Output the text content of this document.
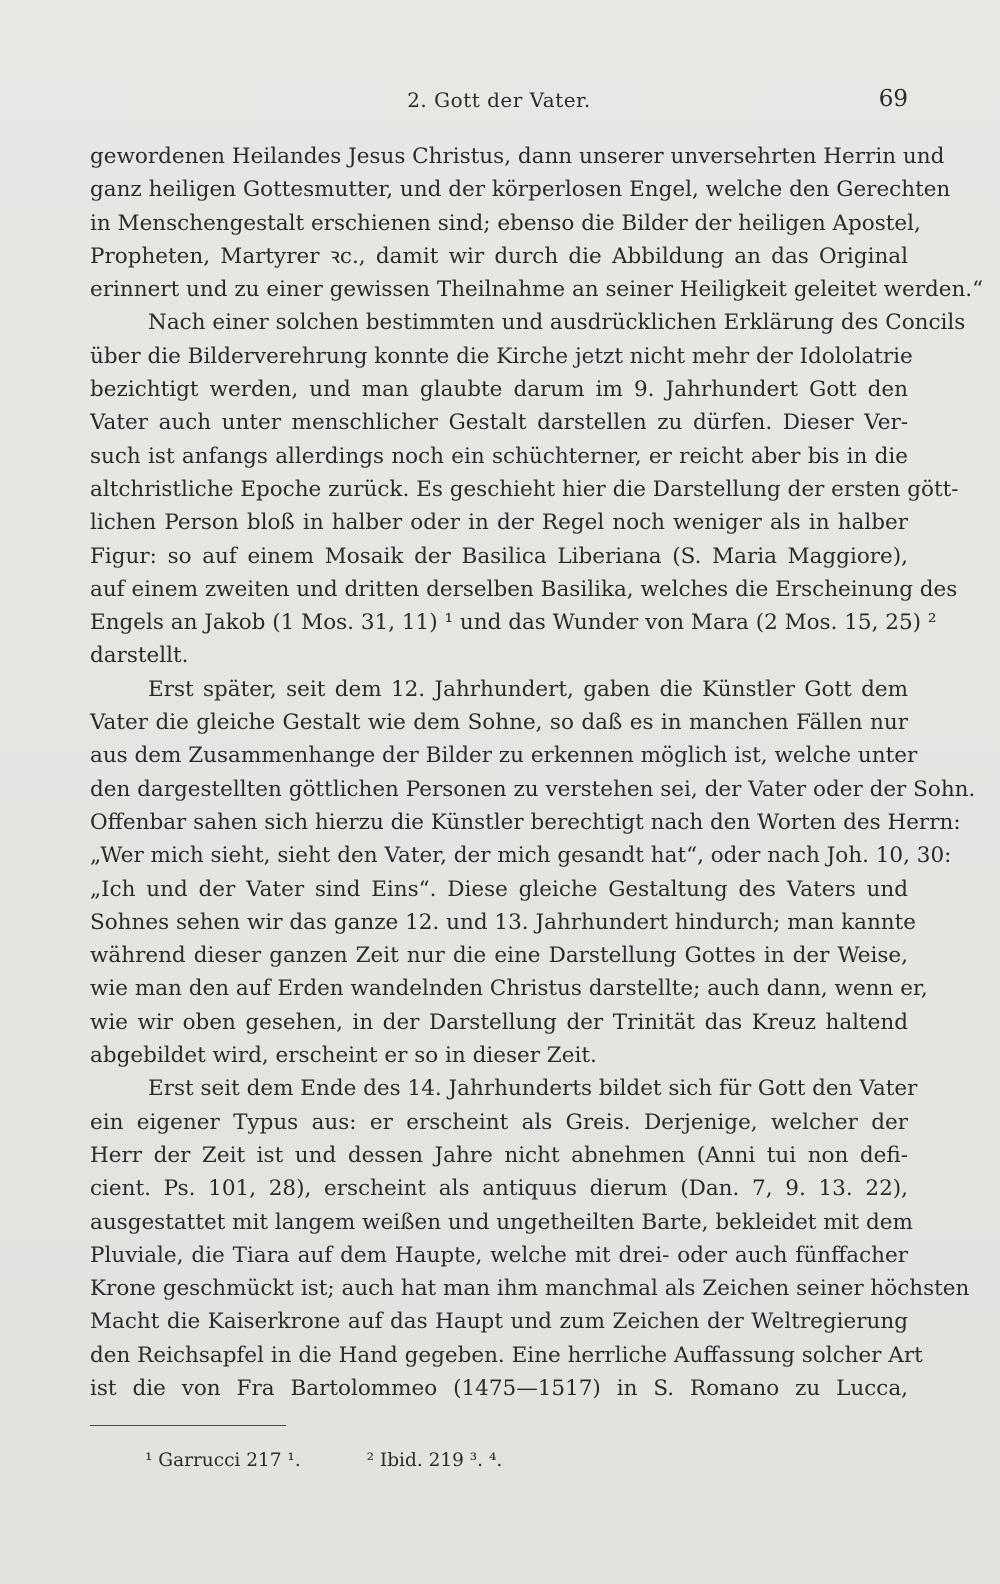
2. Gott der Vater.	69
gewordenen Heilandes Jesus Christus, dann unserer unversehrten Herrin und
ganz heiligen Gottesmutter, und der körperlosen Engel, welche den Gerechten
in Menschengestalt erschienen sind; ebenso die Bilder der heiligen Apostel,
Propheten, Martyrer ꝛc., damit wir durch die Abbildung an das Original
erinnert und zu einer gewissen Theilnahme an seiner Heiligkeit geleitet werden.“
Nach einer solchen bestimmten und ausdrücklichen Erklärung des Concils
über die Bilderverehrung konnte die Kirche jetzt nicht mehr der Idololatrie
bezichtigt werden, und man glaubte darum im 9. Jahrhundert Gott den
Vater auch unter menschlicher Gestalt darstellen zu dürfen. Dieser Ver-
such ist anfangs allerdings noch ein schüchterner, er reicht aber bis in die
altchristliche Epoche zurück. Es geschieht hier die Darstellung der ersten gött-
lichen Person bloß in halber oder in der Regel noch weniger als in halber
Figur: so auf einem Mosaik der Basilica Liberiana (S. Maria Maggiore),
auf einem zweiten und dritten derselben Basilika, welches die Erscheinung des
Engels an Jakob (1 Mos. 31, 11) ¹ und das Wunder von Mara (2 Mos. 15, 25) ²
darstellt.
Erst später, seit dem 12. Jahrhundert, gaben die Künstler Gott dem
Vater die gleiche Gestalt wie dem Sohne, so daß es in manchen Fällen nur
aus dem Zusammenhange der Bilder zu erkennen möglich ist, welche unter
den dargestellten göttlichen Personen zu verstehen sei, der Vater oder der Sohn.
Offenbar sahen sich hierzu die Künstler berechtigt nach den Worten des Herrn:
„Wer mich sieht, sieht den Vater, der mich gesandt hat“, oder nach Joh. 10, 30:
„Ich und der Vater sind Eins“. Diese gleiche Gestaltung des Vaters und
Sohnes sehen wir das ganze 12. und 13. Jahrhundert hindurch; man kannte
während dieser ganzen Zeit nur die eine Darstellung Gottes in der Weise,
wie man den auf Erden wandelnden Christus darstellte; auch dann, wenn er,
wie wir oben gesehen, in der Darstellung der Trinität das Kreuz haltend
abgebildet wird, erscheint er so in dieser Zeit.
Erst seit dem Ende des 14. Jahrhunderts bildet sich für Gott den Vater
ein eigener Typus aus: er erscheint als Greis. Derjenige, welcher der
Herr der Zeit ist und dessen Jahre nicht abnehmen (Anni tui non defi-
cient. Ps. 101, 28), erscheint als antiquus dierum (Dan. 7, 9. 13. 22),
ausgestattet mit langem weißen und ungetheilten Barte, bekleidet mit dem
Pluviale, die Tiara auf dem Haupte, welche mit drei- oder auch fünffacher
Krone geschmückt ist; auch hat man ihm manchmal als Zeichen seiner höchsten
Macht die Kaiserkrone auf das Haupt und zum Zeichen der Weltregierung
den Reichsapfel in die Hand gegeben. Eine herrliche Auffassung solcher Art
ist die von Fra Bartolommeo (1475—1517) in S. Romano zu Lucca,
¹ Garrucci 217 ¹.	² Ibid. 219 ³. ⁴.
